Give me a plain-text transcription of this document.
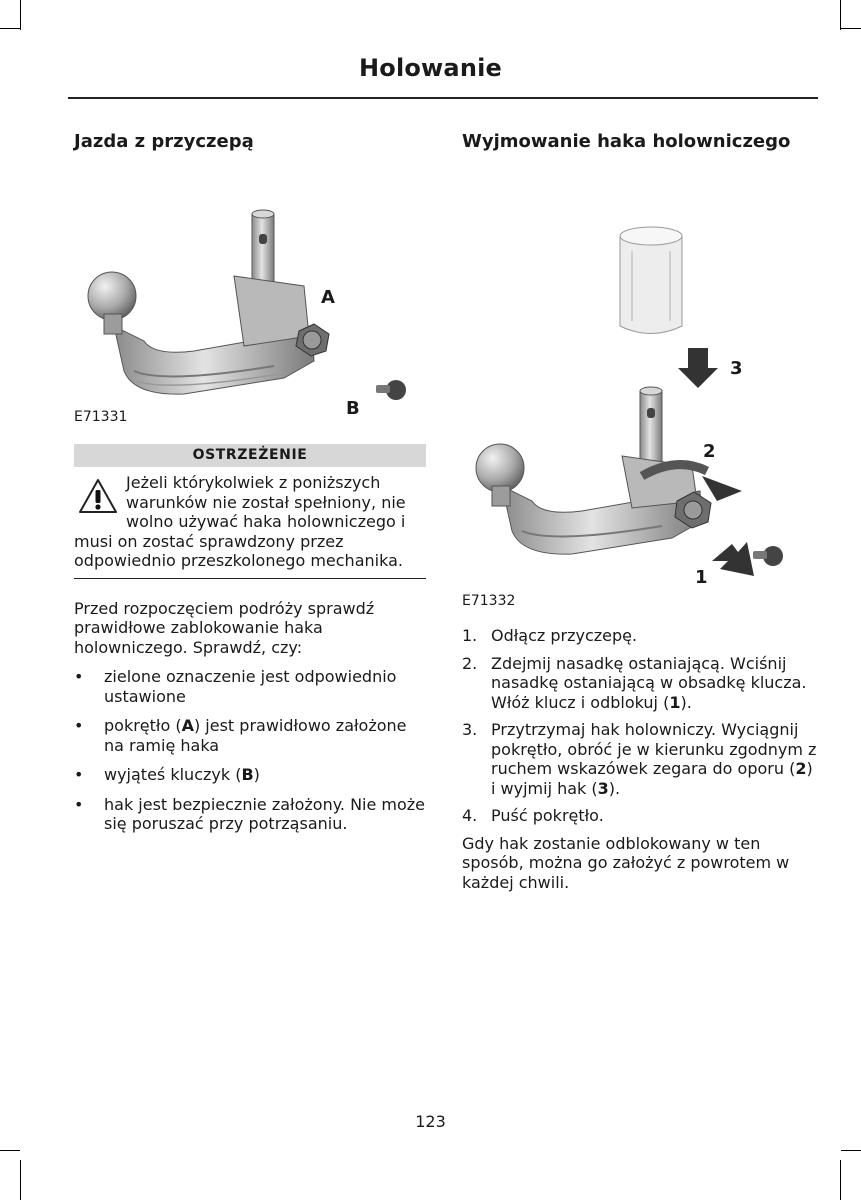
Holowanie
Jazda z przyczepą
A
B
E71331
OSTRZEŻENIE

Jeżeli którykolwiek z poniższych warunków nie został spełniony, nie wolno używać haka holowniczego i musi on zostać sprawdzony przez odpowiednio przeszkolonego mechanika.

Przed rozpoczęciem podróży sprawdź prawidłowe zablokowanie haka holowniczego. Sprawdź, czy:

• zielone oznaczenie jest odpowiednio ustawione
• pokrętło (A) jest prawidłowo założone na ramię haka
• wyjąteś kluczyk (B)
• hak jest bezpiecznie założony. Nie może się poruszać przy potrząsaniu.
Wyjmowanie haka holowniczego
3
2
1
E71332
1. Odłącz przyczepę.
2. Zdejmij nasadkę ostaniającą. Wciśnij nasadkę ostaniającą w obsadkę klucza. Włóż klucz i odblokuj (1).
3. Przytrzymaj hak holowniczy. Wyciągnij pokrętło, obróć je w kierunku zgodnym z ruchem wskazówek zegara do oporu (2) i wyjmij hak (3).
4. Puść pokrętło.

Gdy hak zostanie odblokowany w ten sposób, można go założyć z powrotem w każdej chwili.

123
